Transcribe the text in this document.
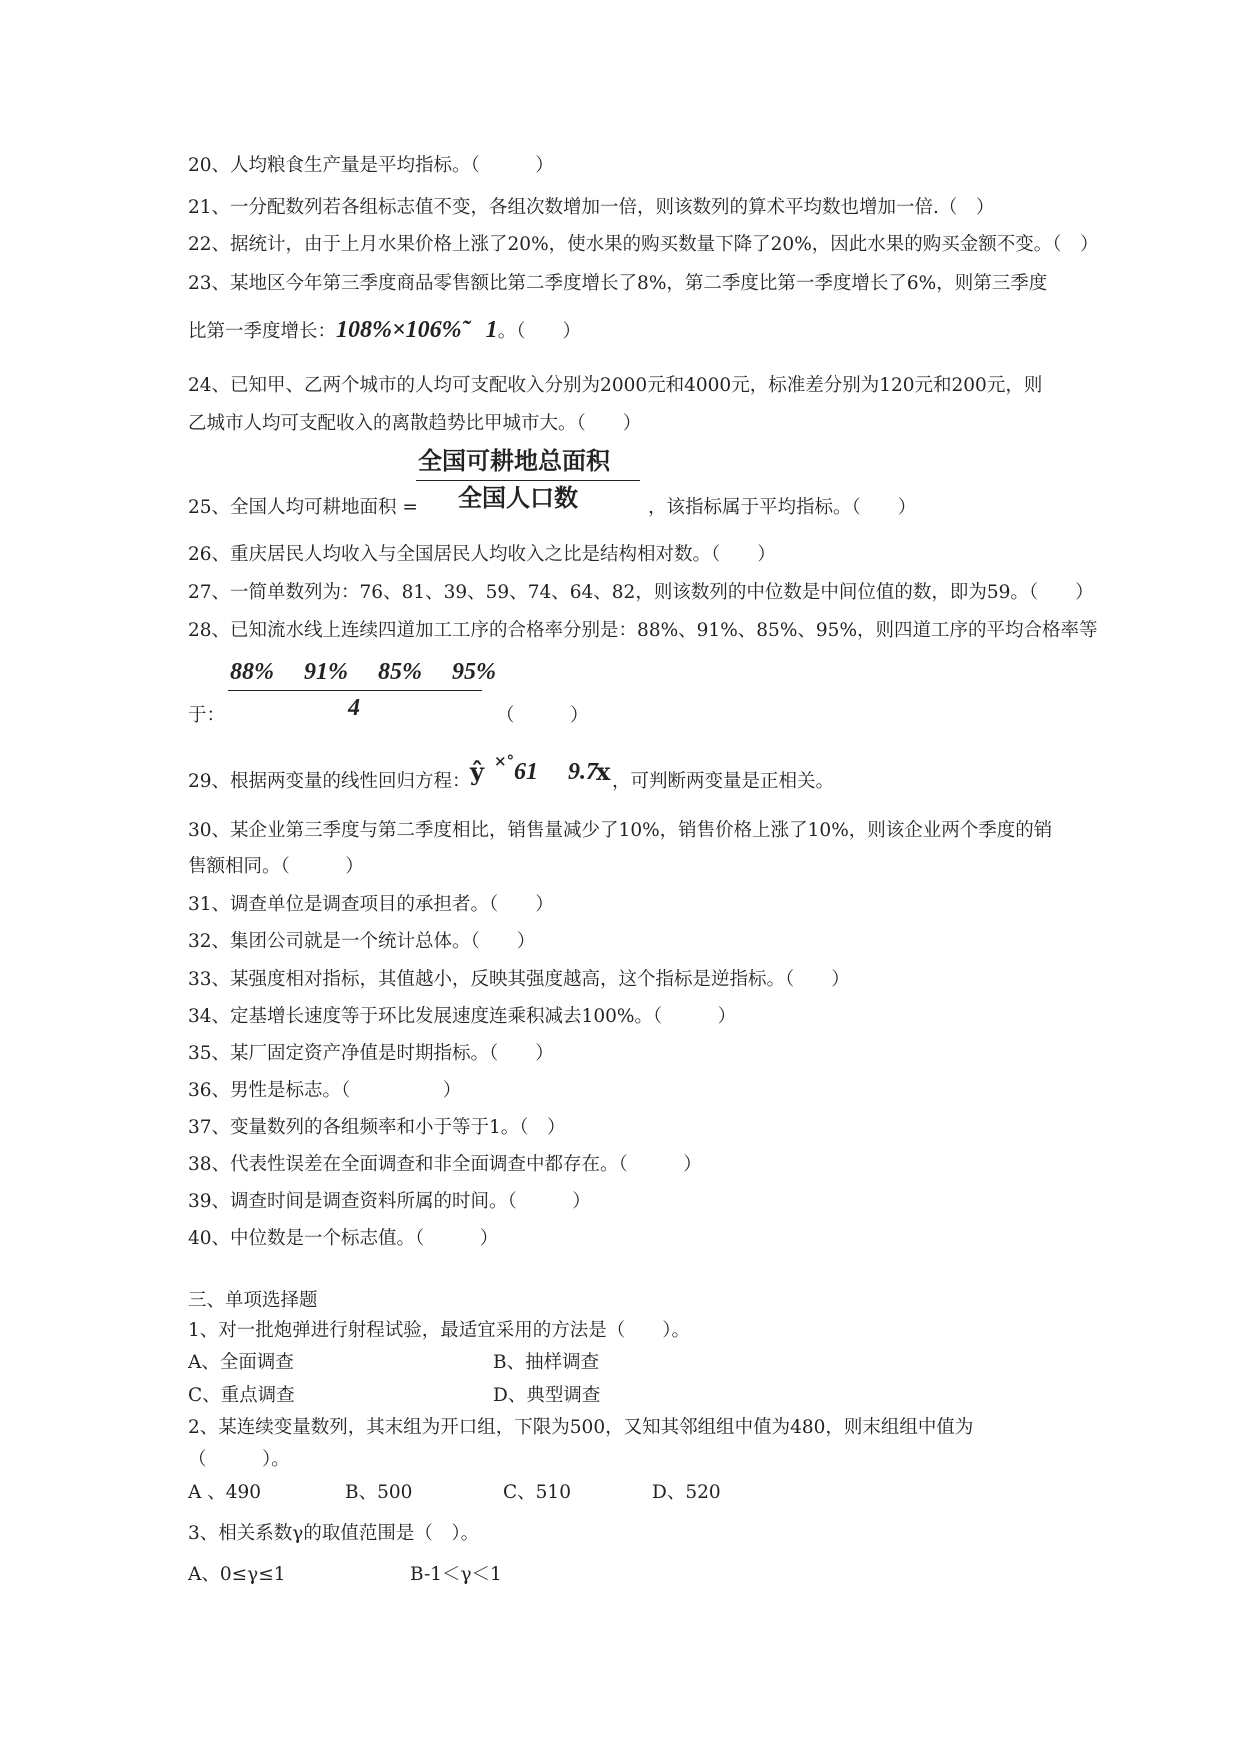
20、人均粮食生产量是平均指标。（　　　）
21、一分配数列若各组标志值不变，各组次数增加一倍，则该数列的算术平均数也增加一倍.（　）
22、据统计，由于上月水果价格上涨了20%，使水果的购买数量下降了20%，因此水果的购买金额不变。（　）
23、某地区今年第三季度商品零售额比第二季度增长了8%，第二季度比第一季度增长了6%，则第三季度
比第一季度增长：108%×106%̃　1。（　　）
24、已知甲、乙两个城市的人均可支配收入分别为2000元和4000元，标准差分别为120元和200元，则
乙城市人均可支配收入的离散趋势比甲城市大。（　　）
全国可耕地总面积
全国人口数
25、全国人均可耕地面积 =	，该指标属于平均指标。（　　）
26、重庆居民人均收入与全国居民人均收入之比是结构相对数。（　　）
27、一简单数列为：76、81、39、59、74、64、82，则该数列的中位数是中间位值的数，即为59。（　　）
28、已知流水线上连续四道加工工序的合格率分别是：88%、91%、85%、95%，则四道工序的平均合格率等
88%　 91%　 85%　 95%
4
于：	（　　　）
29、根据两变量的线性回归方程： ŷ ×° 61　 9.7
x ，可判断两变量是正相关。
30、某企业第三季度与第二季度相比，销售量减少了10%，销售价格上涨了10%，则该企业两个季度的销
售额相同。（　　　）
31、调查单位是调查项目的承担者。（　　）
32、集团公司就是一个统计总体。（　　）
33、某强度相对指标，其值越小，反映其强度越高，这个指标是逆指标。（　　）
34、定基增长速度等于环比发展速度连乘积减去100%。（　　　）
35、某厂固定资产净值是时期指标。（　　）
36、男性是标志。（　　　　　）
37、变量数列的各组频率和小于等于1。（　）
38、代表性误差在全面调查和非全面调查中都存在。（　　　）
39、调查时间是调查资料所属的时间。（　　　）
40、中位数是一个标志值。（　　　）
三、单项选择题
1、对一批炮弹进行射程试验，最适宜采用的方法是（　　）。
A、全面调查	B、抽样调查
C、重点调查	D、典型调查
2、某连续变量数列，其末组为开口组，下限为500，又知其邻组组中值为480，则末组组中值为
（　　　）。
A 、490	B、500	C、510	D、520
3、相关系数γ的取值范围是（　）。
A、0≤γ≤1	B-1＜γ＜1
